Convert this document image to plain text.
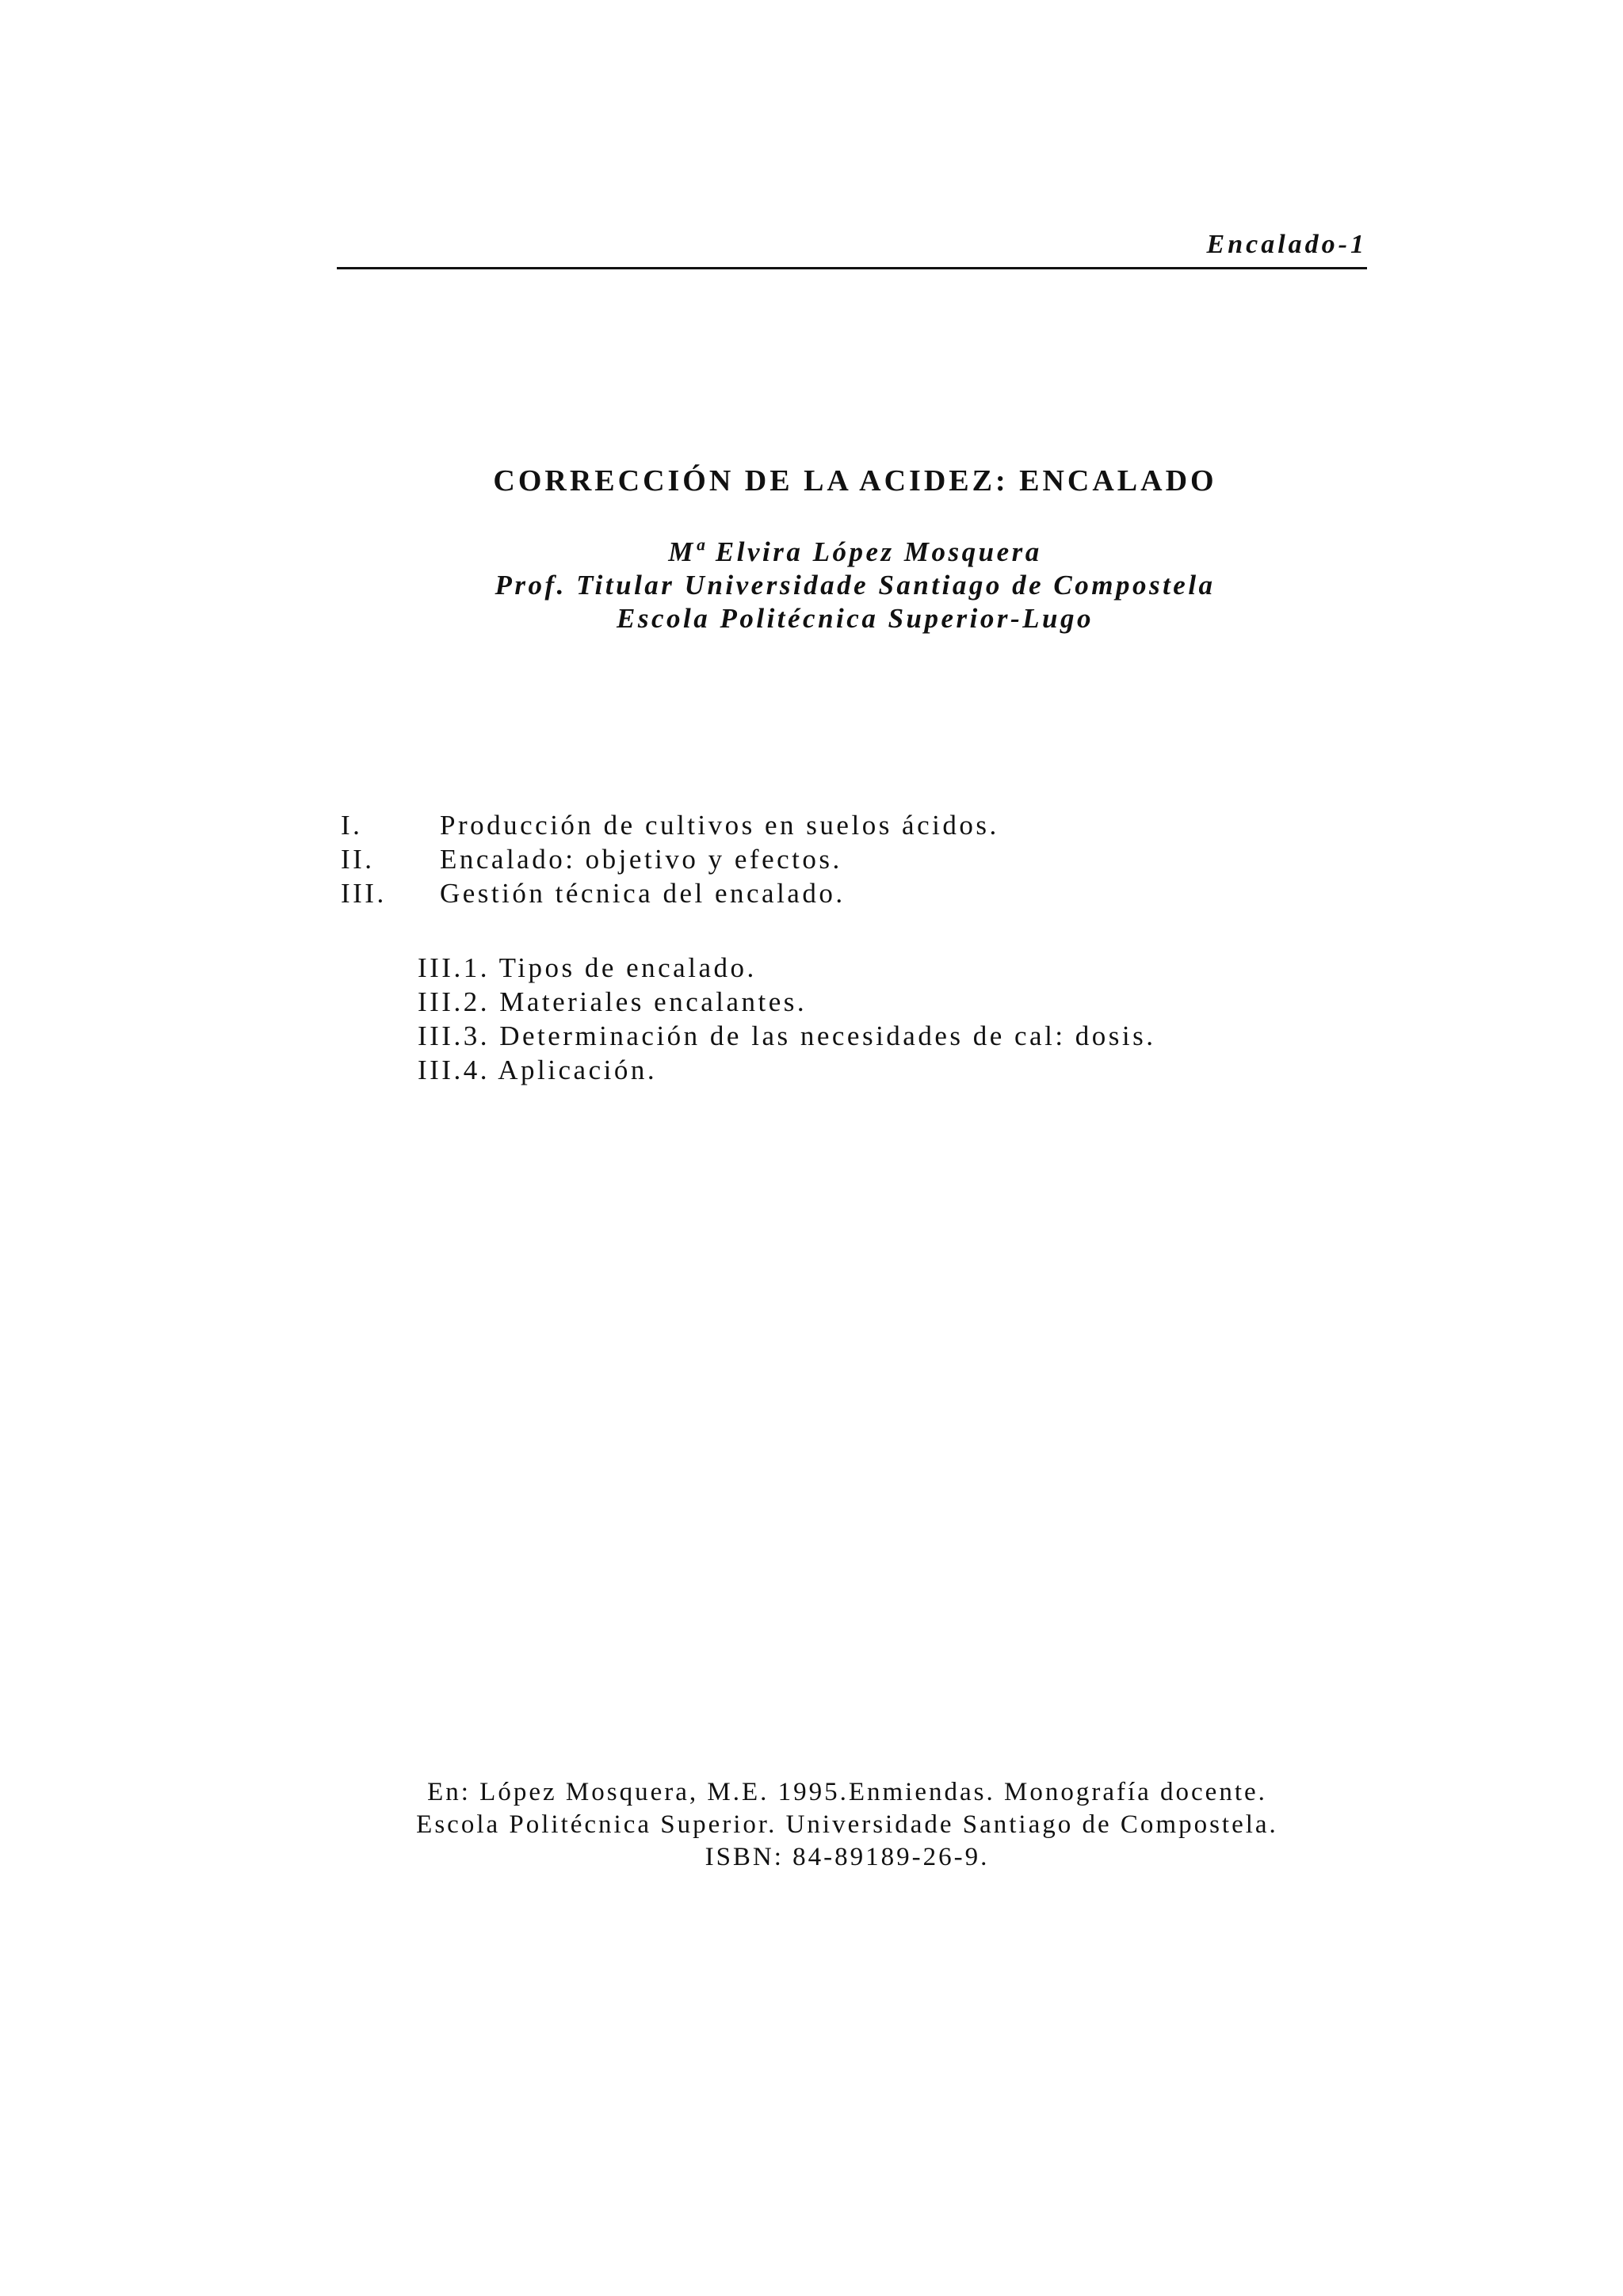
Encalado-1
CORRECCIÓN DE LA ACIDEZ: ENCALADO
Mª Elvira López Mosquera
Prof. Titular Universidade Santiago de Compostela
Escola Politécnica Superior-Lugo
I.	Producción de cultivos en suelos ácidos.
II.	Encalado: objetivo y efectos.
III.	Gestión técnica del encalado.
III.1. Tipos de encalado.
III.2. Materiales encalantes.
III.3. Determinación de las necesidades de cal: dosis.
III.4. Aplicación.
En: López Mosquera, M.E. 1995.Enmiendas. Monografía docente.
Escola Politécnica Superior. Universidade Santiago de Compostela.
ISBN: 84-89189-26-9.
